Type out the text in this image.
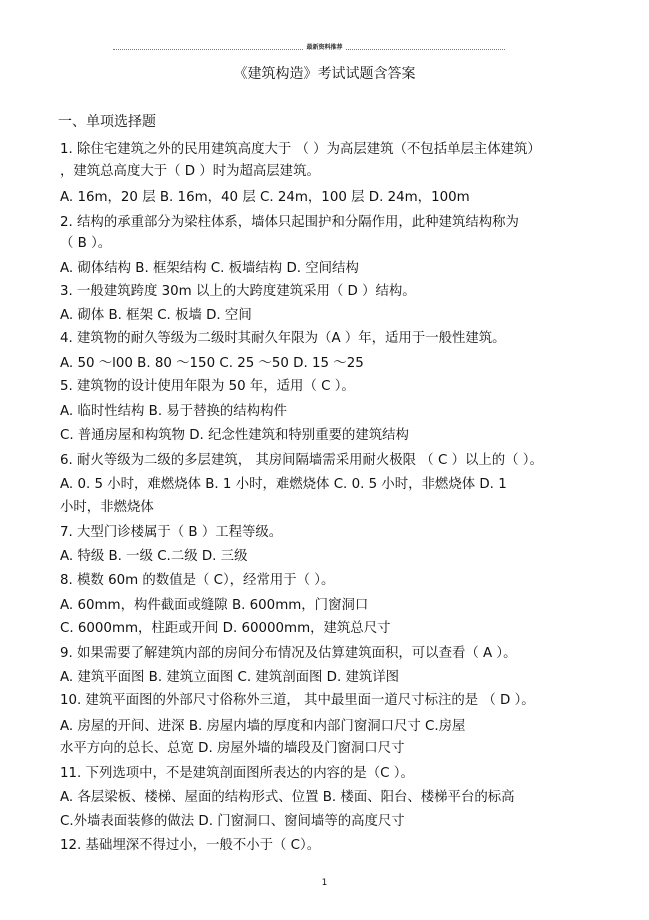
最新资料推荐
《建筑构造》考试试题含答案
一、单项选择题
1. 除住宅建筑之外的民用建筑高度大于 （ ）为高层建筑（不包括单层主体建筑）
，建筑总高度大于（ D ）时为超高层建筑。
A. 16m，20 层 B. 16m，40 层 C. 24m，100 层 D. 24m，100m
2. 结构的承重部分为梁柱体系，墙体只起围护和分隔作用，此种建筑结构称为
（ B ）。
A. 砌体结构 B. 框架结构 C. 板墙结构 D. 空间结构
3. 一般建筑跨度 30m 以上的大跨度建筑采用（ D ）结构。
A. 砌体 B. 框架 C. 板墙 D. 空间
4. 建筑物的耐久等级为二级时其耐久年限为（A ）年，适用于一般性建筑。
A. 50 ～l00 B. 80 ～150 C. 25 ～50 D. 15 ～25
5. 建筑物的设计使用年限为 50 年，适用（ C ）。
A. 临时性结构 B. 易于替换的结构构件
C. 普通房屋和构筑物 D. 纪念性建筑和特别重要的建筑结构
6. 耐火等级为二级的多层建筑， 其房间隔墙需采用耐火极限 （ C ）以上的（ ）。
A. 0. 5 小时，难燃烧体 B. 1 小时，难燃烧体 C. 0. 5 小时，非燃烧体 D. 1
小时，非燃烧体
7. 大型门诊楼属于（ B ）工程等级。
A. 特级 B. 一级 C.二级 D. 三级
8. 模数 60m 的数值是（ C），经常用于（ ）。
A. 60mm，构件截面或缝隙 B. 600mm，门窗洞口
C. 6000mm，柱距或开间 D. 60000mm，建筑总尺寸
9. 如果需要了解建筑内部的房间分布情况及估算建筑面积，可以查看（ A ）。
A. 建筑平面图 B. 建筑立面图 C. 建筑剖面图 D. 建筑详图
10. 建筑平面图的外部尺寸俗称外三道， 其中最里面一道尺寸标注的是 （ D ）。
A. 房屋的开间、进深 B. 房屋内墙的厚度和内部门窗洞口尺寸 C.房屋
水平方向的总长、总宽 D. 房屋外墙的墙段及门窗洞口尺寸
11. 下列选项中，不是建筑剖面图所表达的内容的是（C ）。
A. 各层梁板、楼梯、屋面的结构形式、位置 B. 楼面、阳台、楼梯平台的标高
C.外墙表面装修的做法 D. 门窗洞口、窗间墙等的高度尺寸
12. 基础埋深不得过小，一般不小于（ C）。
1
